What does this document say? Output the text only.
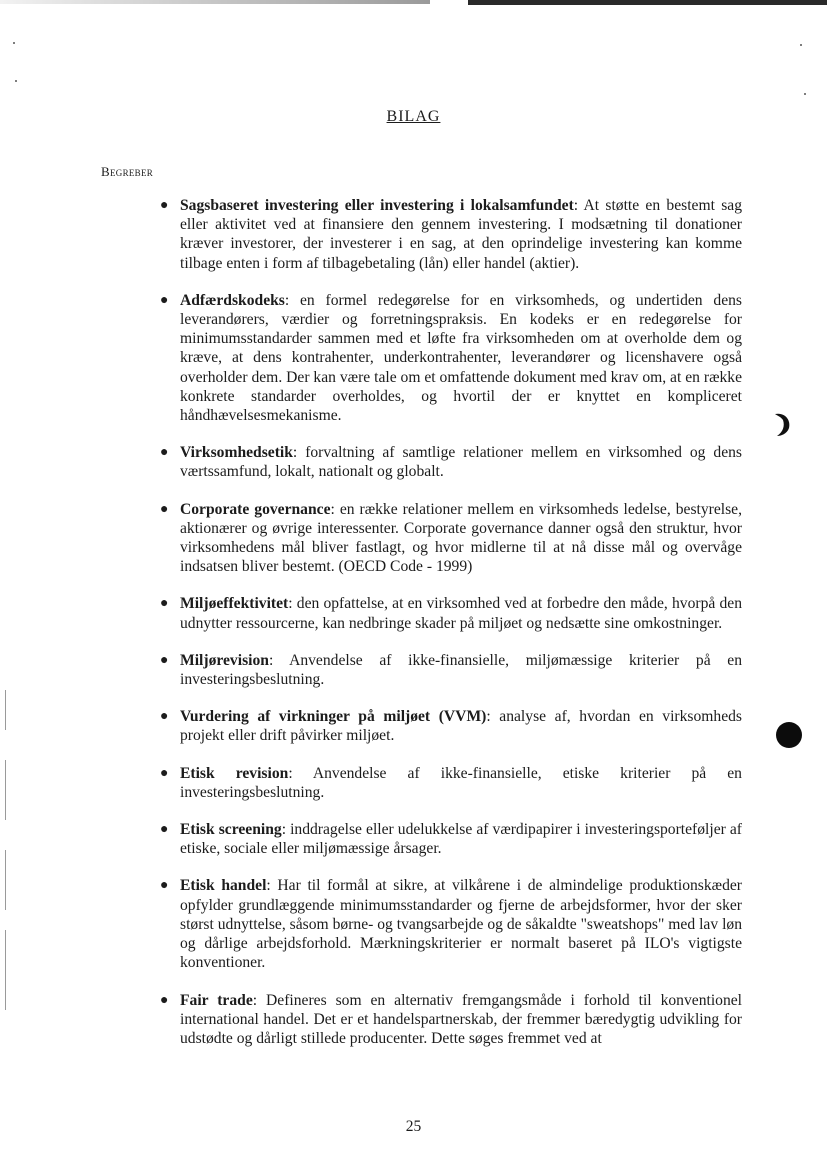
BILAG
Begreber
● Sagsbaseret investering eller investering i lokalsamfundet: At støtte en bestemt sag eller aktivitet ved at finansiere den gennem investering. I modsætning til donationer kræver investorer, der investerer i en sag, at den oprindelige investering kan komme tilbage enten i form af tilbagebetaling (lån) eller handel (aktier).
● Adfærdskodeks: en formel redegørelse for en virksomheds, og undertiden dens leverandørers, værdier og forretningspraksis. En kodeks er en redegørelse for minimumsstandarder sammen med et løfte fra virksomheden om at overholde dem og kræve, at dens kontrahenter, underkontrahenter, leverandører og licenshavere også overholder dem. Der kan være tale om et omfattende dokument med krav om, at en række konkrete standarder overholdes, og hvortil der er knyttet en kompliceret håndhævelsesmekanisme.
● Virksomhedsetik: forvaltning af samtlige relationer mellem en virksomhed og dens værtssamfund, lokalt, nationalt og globalt.
● Corporate governance: en række relationer mellem en virksomheds ledelse, bestyrelse, aktionærer og øvrige interessenter. Corporate governance danner også den struktur, hvor virksomhedens mål bliver fastlagt, og hvor midlerne til at nå disse mål og overvåge indsatsen bliver bestemt. (OECD Code - 1999)
● Miljøeffektivitet: den opfattelse, at en virksomhed ved at forbedre den måde, hvorpå den udnytter ressourcerne, kan nedbringe skader på miljøet og nedsætte sine omkostninger.
● Miljørevision: Anvendelse af ikke-finansielle, miljømæssige kriterier på en investeringsbeslutning.
● Vurdering af virkninger på miljøet (VVM): analyse af, hvordan en virksomheds projekt eller drift påvirker miljøet.
● Etisk revision: Anvendelse af ikke-finansielle, etiske kriterier på en investeringsbeslutning.
● Etisk screening: inddragelse eller udelukkelse af værdipapirer i investeringsporteføljer af etiske, sociale eller miljømæssige årsager.
● Etisk handel: Har til formål at sikre, at vilkårene i de almindelige produktionskæder opfylder grundlæggende minimumsstandarder og fjerne de arbejdsformer, hvor der sker størst udnyttelse, såsom børne- og tvangsarbejde og de såkaldte "sweatshops" med lav løn og dårlige arbejdsforhold. Mærkningskriterier er normalt baseret på ILO's vigtigste konventioner.
● Fair trade: Defineres som en alternativ fremgangsmåde i forhold til konventionel international handel. Det er et handelspartnerskab, der fremmer bæredygtig udvikling for udstødte og dårligt stillede producenter. Dette søges fremmet ved at
25
